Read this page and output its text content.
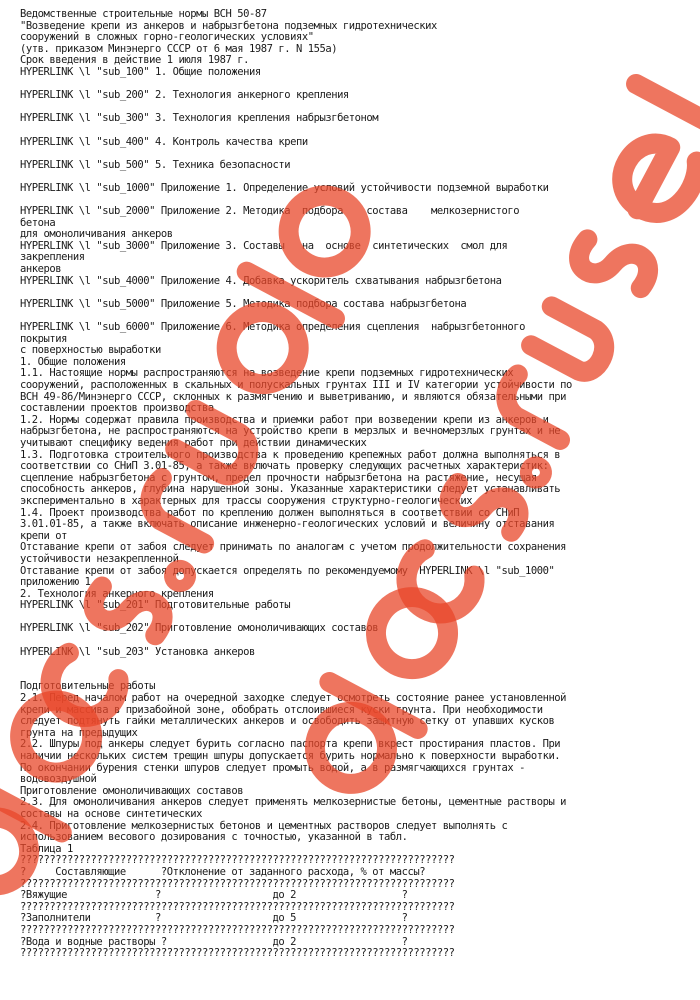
Ведомственные строительные нормы ВСН 50-87
"Возведение крепи из анкеров и набрызгбетона подземных гидротехнических
сооружений в сложных горно-геологических условиях"
(утв. приказом Минэнерго СССР от 6 мая 1987 г. N 155а)
Срок введения в действие 1 июля 1987 г.
HYPERLINK \l "sub_100" 1. Общие положения

HYPERLINK \l "sub_200" 2. Технология анкерного крепления

HYPERLINK \l "sub_300" 3. Технология крепления набрызгбетоном

HYPERLINK \l "sub_400" 4. Контроль качества крепи

HYPERLINK \l "sub_500" 5. Техника безопасности

HYPERLINK \l "sub_1000" Приложение 1. Определение условий устойчивости подземной выработки

HYPERLINK \l "sub_2000" Приложение 2. Методика  подбора    состава    мелкозернистого
бетона
для омоноличивания анкеров
HYPERLINK \l "sub_3000" Приложение 3. Составы   на  основе  синтетических  смол для
закрепления
анкеров
HYPERLINK \l "sub_4000" Приложение 4. Добавка ускоритель схватывания набрызгбетона

HYPERLINK \l "sub_5000" Приложение 5. Методика подбора состава набрызгбетона

HYPERLINK \l "sub_6000" Приложение 6. Методика определения сцепления  набрызгбетонного
покрытия
с поверхностью выработки
1. Общие положения
1.1. Настоящие нормы распространяются на возведение крепи подземных гидротехнических
сооружений, расположенных в скальных и полускальных грунтах III и IV категории устойчивости по
ВСН 49-86/Минэнерго СССР, склонных к размягчению и выветриванию, и являются обязательными при
составлении проектов производства
1.2. Нормы содержат правила производства и приемки работ при возведении крепи из анкеров и
набрызгбетона, не распространяются на устройство крепи в мерзлых и вечномерзлых грунтах и не
учитывают специфику ведения работ при действии динамических
1.3. Подготовка строительного производства к проведению крепежных работ должна выполняться в
соответствии со СНиП 3.01-85, а также включать проверку следующих расчетных характеристик:
сцепление набрызгбетона с грунтом, предел прочности набрызгбетона на растяжение, несущая
способность анкеров, глубина нарушенной зоны. Указанные характеристики следует устанавливать
экспериментально в характерных для трассы сооружения структурно-геологических
1.4. Проект производства работ по креплению должен выполняться в соответствии со СНиП
3.01.01-85, а также включать описание инженерно-геологических условий и величину отставания
крепи от
Отставание крепи от забоя следует принимать по аналогам с учетом продолжительности сохранения
устойчивости незакрепленной
Отставание крепи от забоя допускается определять по рекомендуемому  HYPERLINK \l "sub_1000"
приложению 1
2. Технология анкерного крепления
HYPERLINK \l "sub_201" Подготовительные работы

HYPERLINK \l "sub_202" Приготовление омоноличивающих составов

HYPERLINK \l "sub_203" Установка анкеров

Подготовительные работы
2.1. Перед началом работ на очередной заходке следует осмотреть состояние ранее установленной
крепи и массива в призабойной зоне, обобрать отслоившиеся куски грунта. При необходимости
следует подтянуть гайки металлических анкеров и освободить защитную сетку от упавших кусков
грунта на предыдущих
2.2. Шпуры под анкеры следует бурить согласно паспорта крепи вкрест простирания пластов. При
наличии нескольких систем трещин шпуры допускается бурить нормально к поверхности выработки.
По окончании бурения стенки шпуров следует промыть водой, а в размягчающихся грунтах -
водовоздушной
Приготовление омоноличивающих составов
2.3. Для омоноличивания анкеров следует применять мелкозернистые бетоны, цементные растворы и
составы на основе синтетических
2.4. Приготовление мелкозернистых бетонов и цементных растворов следует выполнять с
использованием весового дозирования с точностью, указанной в табл.
Таблица 1
??????????????????????????????????????????????????????????????????????????
?     Составляющие      ?Отклонение от заданного расхода, % от массы?
??????????????????????????????????????????????????????????????????????????
?Вяжущие               ?                   до 2                  ?
??????????????????????????????????????????????????????????????????????????
?Заполнители           ?                   до 5                  ?
??????????????????????????????????????????????????????????????????????????
?Вода и водные растворы ?                  до 2                  ?
??????????????????????????????????????????????????????????????????????????
